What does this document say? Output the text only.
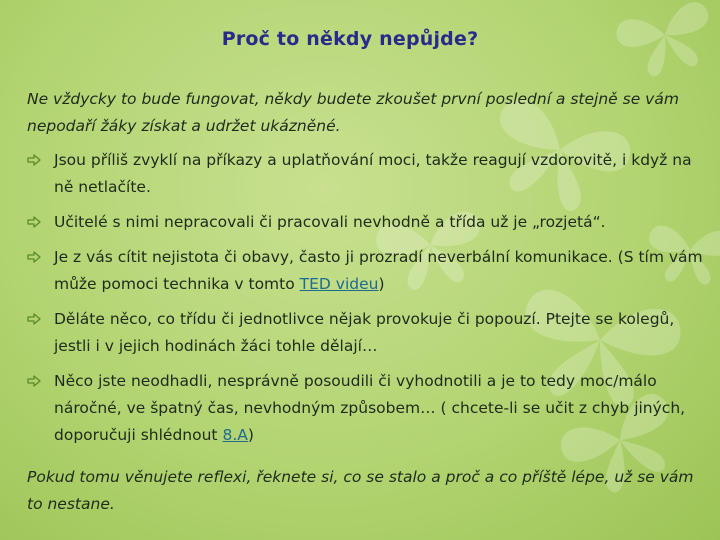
Proč to někdy nepůjde?
Ne vždycky to bude fungovat, někdy budete zkoušet první poslední a stejně se vám nepodaří žáky získat a udržet ukázněné.
Jsou příliš zvyklí na příkazy a uplatňování moci, takže reagují vzdorovitě, i když na ně netlačíte.
Učitelé s nimi nepracovali či pracovali nevhodně a třída už je „rozjetá“.
Je z vás cítit nejistota či obavy, často ji prozradí neverbální komunikace. (S tím vám může pomoci technika v tomto TED videu)
Děláte něco, co třídu či jednotlivce nějak provokuje či popouzí. Ptejte se kolegů, jestli i v jejich hodinách žáci tohle dělají…
Něco jste neodhadli, nesprávně posoudili či vyhodnotili a je to tedy moc/málo náročné, ve špatný čas, nevhodným způsobem… ( chcete-li se učit z chyb jiných, doporučuji shlédnout 8.A)
Pokud tomu věnujete reflexi, řeknete si, co se stalo a proč a co příště lépe, už se vám to nestane.
